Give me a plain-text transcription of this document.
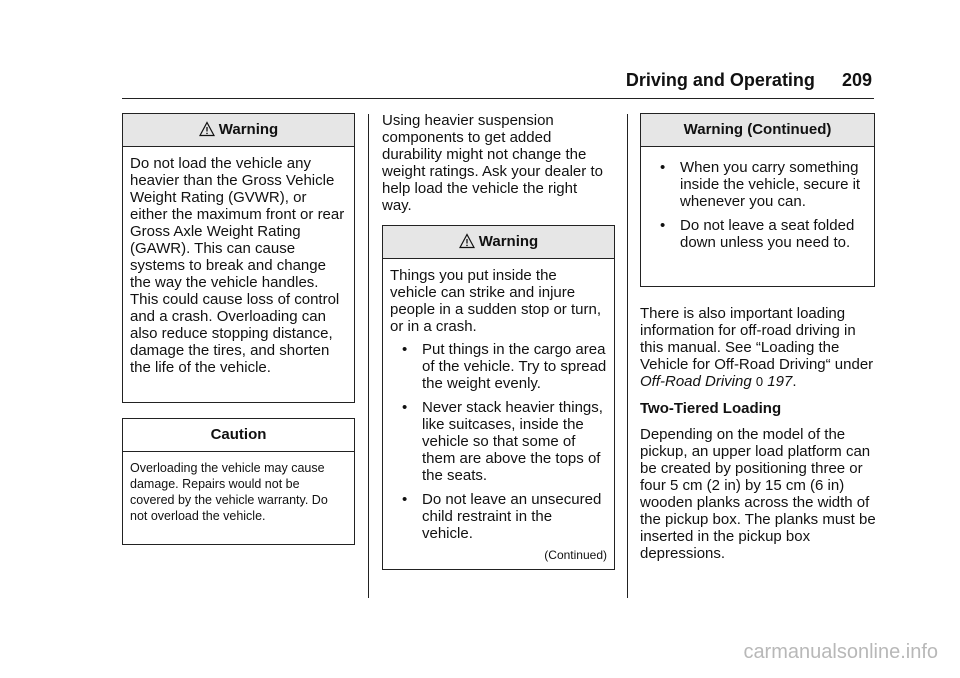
Driving and Operating 209
Warning
Do not load the vehicle any heavier than the Gross Vehicle Weight Rating (GVWR), or either the maximum front or rear Gross Axle Weight Rating (GAWR). This can cause systems to break and change the way the vehicle handles. This could cause loss of control and a crash. Overloading can also reduce stopping distance, damage the tires, and shorten the life of the vehicle.
Caution
Overloading the vehicle may cause damage. Repairs would not be covered by the vehicle warranty. Do not overload the vehicle.
Using heavier suspension components to get added durability might not change the weight ratings. Ask your dealer to help load the vehicle the right way.
Warning

Things you put inside the vehicle can strike and injure people in a sudden stop or turn, or in a crash.

• Put things in the cargo area of the vehicle. Try to spread the weight evenly.
• Never stack heavier things, like suitcases, inside the vehicle so that some of them are above the tops of the seats.
• Do not leave an unsecured child restraint in the vehicle.
(Continued)
Warning (Continued)
• When you carry something inside the vehicle, secure it whenever you can.
• Do not leave a seat folded down unless you need to.

There is also important loading information for off-road driving in this manual. See “Loading the Vehicle for Off-Road Driving“ under Off-Road Driving 0 197.

Two-Tiered Loading

Depending on the model of the pickup, an upper load platform can be created by positioning three or four 5 cm (2 in) by 15 cm (6 in) wooden planks across the width of the pickup box. The planks must be inserted in the pickup box depressions.

carmanualsonline.info
